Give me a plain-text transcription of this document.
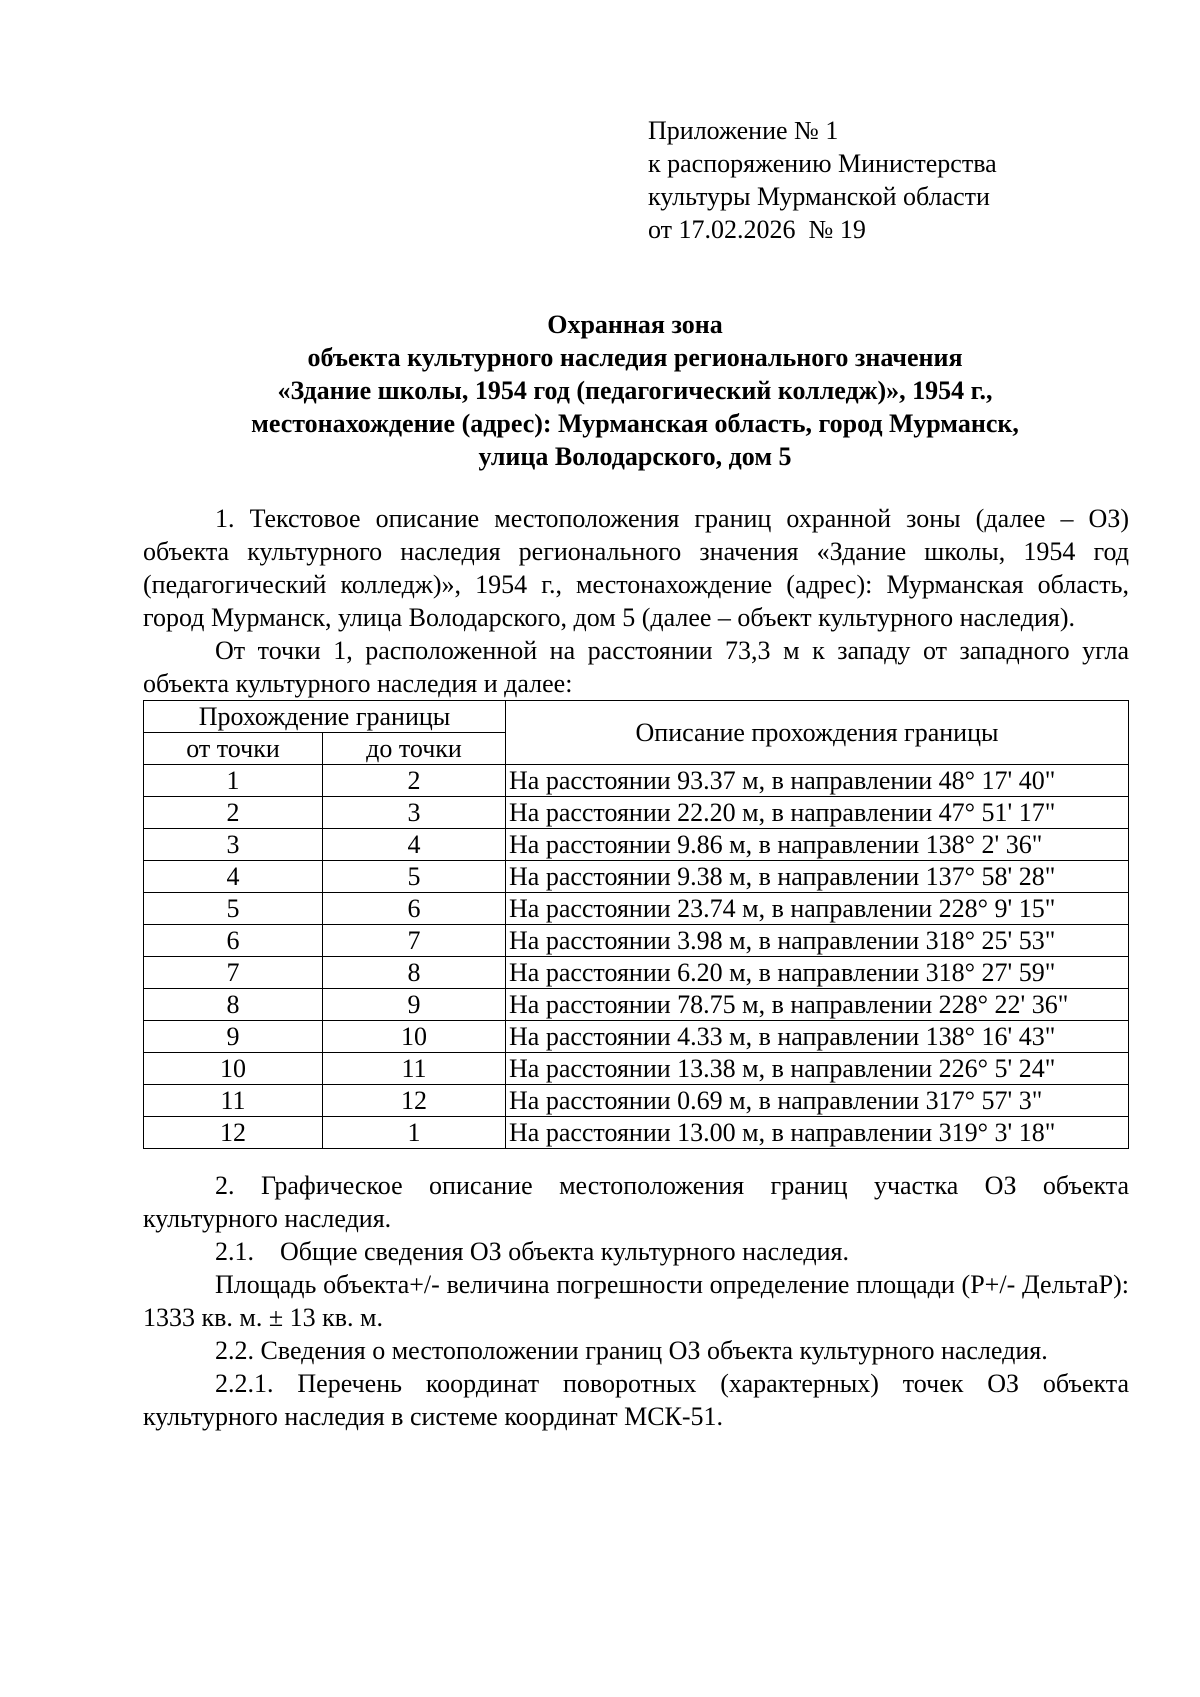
Приложение № 1
к распоряжению Министерства
культуры Мурманской области
от 17.02.2026  № 19
Охранная зона
объекта культурного наследия регионального значения
«Здание школы, 1954 год (педагогический колледж)», 1954 г.,
местонахождение (адрес): Мурманская область, город Мурманск,
улица Володарского, дом 5

1. Текстовое описание местоположения границ охранной зоны (далее – ОЗ) объекта культурного наследия регионального значения «Здание школы, 1954 год (педагогический колледж)», 1954 г., местонахождение (адрес): Мурманская область, город Мурманск, улица Володарского, дом 5 (далее – объект культурного наследия).

От точки 1, расположенной на расстоянии 73,3 м к западу от западного угла объекта культурного наследия и далее:

Прохождение границы		Описание прохождения границы
от точки	до точки	
1	2	На расстоянии 93.37 м, в направлении 48° 17' 40"
2	3	На расстоянии 22.20 м, в направлении 47° 51' 17"
3	4	На расстоянии 9.86 м, в направлении 138° 2' 36"
4	5	На расстоянии 9.38 м, в направлении 137° 58' 28"
5	6	На расстоянии 23.74 м, в направлении 228° 9' 15"
6	7	На расстоянии 3.98 м, в направлении 318° 25' 53"
7	8	На расстоянии 6.20 м, в направлении 318° 27' 59"
8	9	На расстоянии 78.75 м, в направлении 228° 22' 36"
9	10	На расстоянии 4.33 м, в направлении 138° 16' 43"
10	11	На расстоянии 13.38 м, в направлении 226° 5' 24"
11	12	На расстоянии 0.69 м, в направлении 317° 57' 3"
12	1	На расстоянии 13.00 м, в направлении 319° 3' 18"

2. Графическое описание местоположения границ участка ОЗ объекта культурного наследия.

2.1.    Общие сведения ОЗ объекта культурного наследия.

Площадь объекта+/- величина погрешности определение площади (P+/- ДельтаP): 1333 кв. м. ± 13 кв. м.

2.2. Сведения о местоположении границ ОЗ объекта культурного наследия.

2.2.1. Перечень координат поворотных (характерных) точек ОЗ объекта культурного наследия в системе координат МСК-51.
